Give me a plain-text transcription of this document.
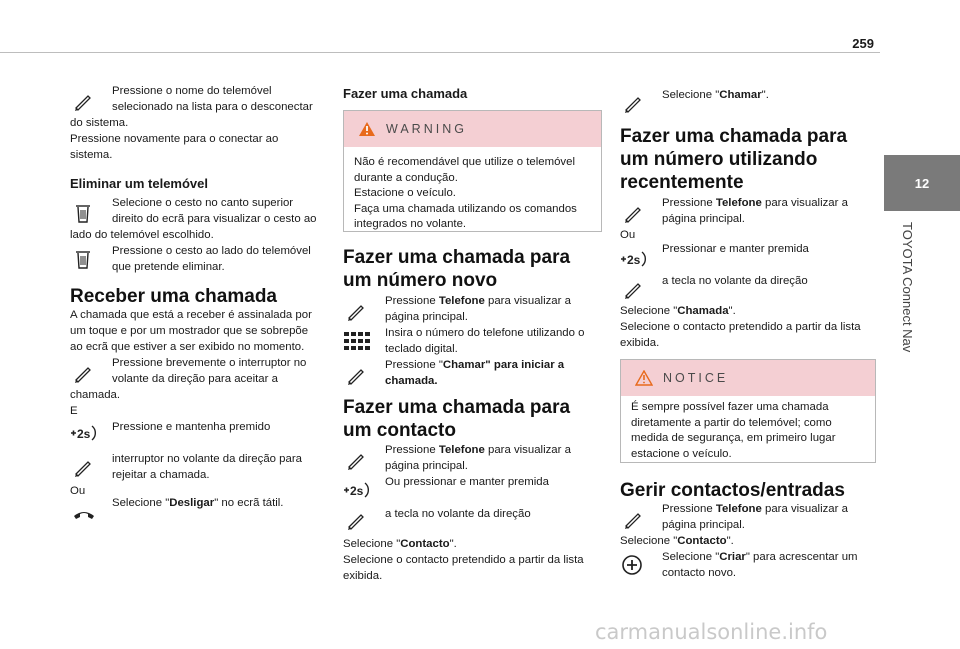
259
12
TOYOTA Connect Nav
Pressione o nome do telemóvel
selecionado na lista para o desconectar
do sistema.
Pressione novamente para o conectar ao
sistema.
Eliminar um telemóvel
Selecione o cesto no canto superior
direito do ecrã para visualizar o cesto ao
lado do telemóvel escolhido.
Pressione o cesto ao lado do telemóvel
que pretende eliminar.
Receber uma chamada
A chamada que está a receber é assinalada por
um toque e por um mostrador que se sobrepõe
ao ecrã que estiver a ser exibido no momento.
Pressione brevemente o interruptor no
volante da direção para aceitar a
chamada.
E
2s Pressione e mantenha premido
interruptor no volante da direção para
rejeitar a chamada.
Ou
Selecione "Desligar" no ecrã tátil.
Fazer uma chamada
WARNING
Não é recomendável que utilize o telemóvel
durante a condução.
Estacione o veículo.
Faça uma chamada utilizando os comandos
integrados no volante.
Fazer uma chamada para
um número novo
Pressione Telefone para visualizar a
página principal.
Insira o número do telefone utilizando o
teclado digital.
Pressione "Chamar" para iniciar a
chamada.
Fazer uma chamada para
um contacto
Pressione Telefone para visualizar a
página principal.
2s
Ou pressionar e manter premida
a tecla no volante da direção
Selecione "Contacto".
Selecione o contacto pretendido a partir da lista
exibida.
Selecione "Chamar".
Fazer uma chamada para
um número utilizando
recentemente
Pressione Telefone para visualizar a
página principal.
Ou
2s
Pressionar e manter premida
a tecla no volante da direção
Selecione "Chamada".
Selecione o contacto pretendido a partir da lista
exibida.
NOTICE
É sempre possível fazer uma chamada
diretamente a partir do telemóvel; como
medida de segurança, em primeiro lugar
estacione o veículo.
Gerir contactos/entradas
Pressione Telefone para visualizar a
página principal.
Selecione "Contacto".
Selecione "Criar" para acrescentar um
contacto novo.
carmanualsonline.info
